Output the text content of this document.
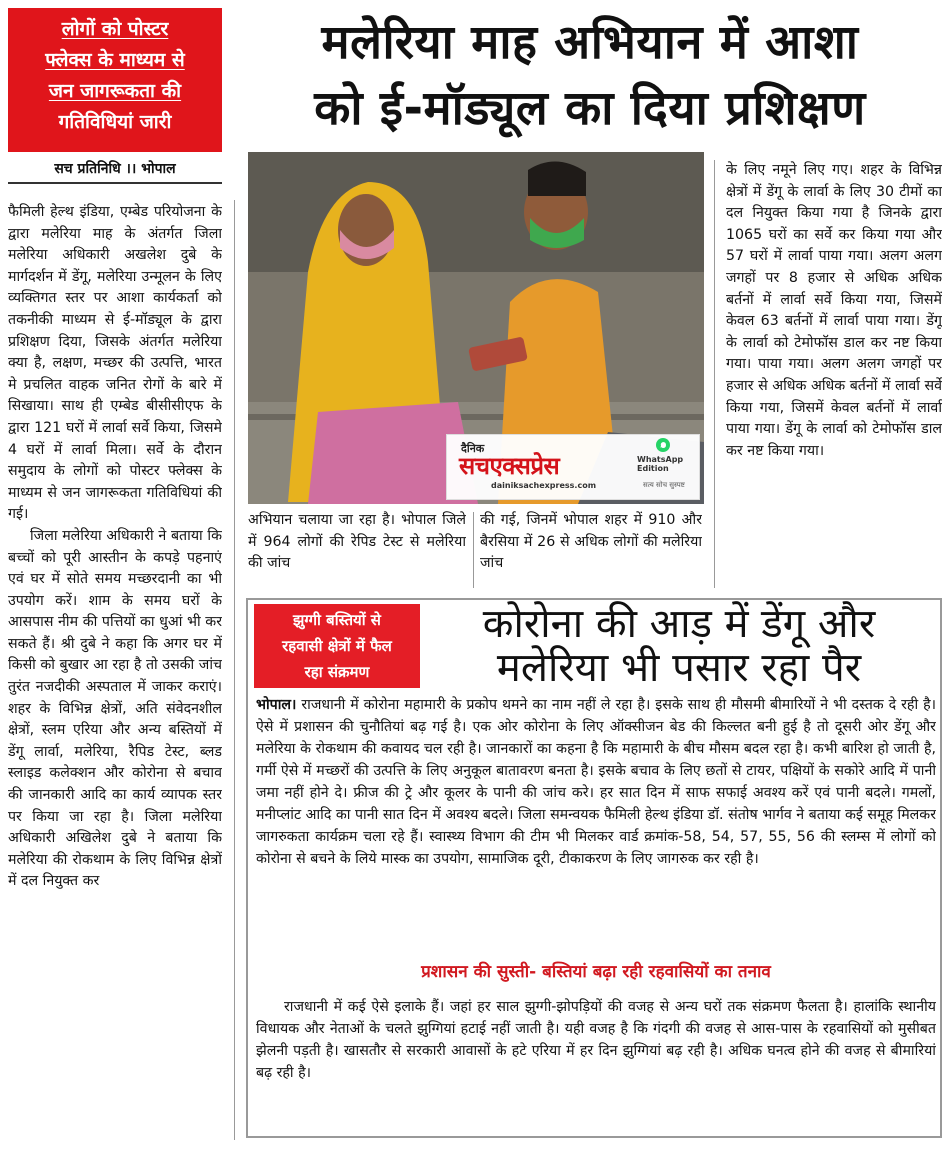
लोगों को पोस्टर
फ्लेक्स के माध्यम से
जन जागरूकता की
गतिविधियां जारी
सच प्रतिनिधि ।। भोपाल
मलेरिया माह अभियान में आशा
को ई-मॉड्यूल का दिया प्रशिक्षण

फैमिली हेल्थ इंडिया, एम्बेड परियोजना के द्वारा मलेरिया माह के अंतर्गत जिला मलेरिया अधिकारी अखलेश दुबे के मार्गदर्शन में डेंगू, मलेरिया उन्मूलन के लिए व्यक्तिगत स्तर पर आशा कार्यकर्ता को तकनीकी माध्यम से ई-मॉड्यूल के द्वारा प्रशिक्षण दिया, जिसके अंतर्गत मलेरिया क्या है, लक्षण, मच्छर की उत्पत्ति, भारत मे प्रचलित वाहक जनित रोगों के बारे में सिखाया। साथ ही एम्बेड बीसीसीएफ के द्वारा 121 घरों में लार्वा सर्वे किया, जिसमे 4 घरों में लार्वा मिला। सर्वे के दौरान समुदाय के लोगों को पोस्टर फ्लेक्स के माध्यम से जन जागरूकता गतिविधियां की गई।

जिला मलेरिया अधिकारी ने बताया कि बच्चों को पूरी आस्तीन के कपड़े पहनाएं एवं घर में सोते समय मच्छरदानी का भी उपयोग करें। शाम के समय घरों के आसपास नीम की पत्तियों का धुआं भी कर सकते हैं। श्री दुबे ने कहा कि अगर घर में किसी को बुखार आ रहा है तो उसकी जांच तुरंत नजदीकी अस्पताल में जाकर कराएं। शहर के विभिन्न क्षेत्रों, अति संवेदनशील क्षेत्रों, स्लम एरिया और अन्य बस्तियों में डेंगू लार्वा, मलेरिया, रैपिड टेस्ट, ब्लड स्लाइड कलेक्शन और कोरोना से बचाव की जानकारी आदि का कार्य व्यापक स्तर पर किया जा रहा है। जिला मलेरिया अधिकारी अखिलेश दुबे ने बताया कि मलेरिया की रोकथाम के लिए विभिन्न क्षेत्रों में दल नियुक्त कर

दैनिक
सचएक्सप्रेस
dainiksachexpress.com
WhatsApp Edition
सत्य सोच सुस्पष्ट
अभियान चलाया जा रहा है। भोपाल जिले में 964 लोगों की रेपिड टेस्ट से मलेरिया की जांच
की गई, जिनमें भोपाल शहर में 910 और बैरसिया में 26 से अधिक लोगों की मलेरिया जांच
के लिए नमूने लिए गए। शहर के विभिन्न क्षेत्रों में डेंगू के लार्वा के लिए 30 टीमों का दल नियुक्त किया गया है जिनके द्वारा 1065 घरों का सर्वे कर किया गया और 57 घरों में लार्वा पाया गया। अलग अलग जगहों पर 8 हजार से अधिक अधिक बर्तनों में लार्वा सर्वे किया गया, जिसमें केवल 63 बर्तनों में लार्वा पाया गया। डेंगू के लार्वा को टेमोफॉस डाल कर नष्ट किया गया। पाया गया। अलग अलग जगहों पर हजार से अधिक अधिक बर्तनों में लार्वा सर्वे किया गया, जिसमें केवल बर्तनों में लार्वा पाया गया। डेंगू के लार्वा को टेमोफॉस डाल कर नष्ट किया गया।
झुग्गी बस्तियों से
रहवासी क्षेत्रों में फैल
रहा संक्रमण
कोरोना की आड़ में डेंगू और
मलेरिया भी पसार रहा पैर
भोपाल। राजधानी में कोरोना महामारी के प्रकोप थमने का नाम नहीं ले रहा है। इसके साथ ही मौसमी बीमारियों ने भी दस्तक दे रही है। ऐसे में प्रशासन की चुनौतियां बढ़ गई है। एक ओर कोरोना के लिए ऑक्सीजन बेड की किल्लत बनी हुई है तो दूसरी ओर डेंगू और मलेरिया के रोकथाम की कवायद चल रही है। जानकारों का कहना है कि महामारी के बीच मौसम बदल रहा है। कभी बारिश हो जाती है, गर्मी ऐसे में मच्छरों की उत्पत्ति के लिए अनुकूल बातावरण बनता है। इसके बचाव के लिए छतों से टायर, पक्षियों के सकोरे आदि में पानी जमा नहीं होने दे। फ्रीज की ट्रे और कूलर के पानी की जांच करे। हर सात दिन में साफ सफाई अवश्य करें एवं पानी बदले। गमलों, मनीप्लांट आदि का पानी सात दिन में अवश्य बदले। जिला समन्वयक फैमिली हेल्थ इंडिया डॉ. संतोष भार्गव ने बताया कई समूह मिलकर जागरुकता कार्यक्रम चला रहे हैं। स्वास्थ्य विभाग की टीम भी मिलकर वार्ड क्रमांक-58, 54, 57, 55, 56 की स्लम्स में लोगों को कोरोना से बचने के लिये मास्क का उपयोग, सामाजिक दूरी, टीकाकरण के लिए जागरुक कर रही है।
प्रशासन की सुस्ती- बस्तियां बढ़ा रही रहवासियों का तनाव
राजधानी में कई ऐसे इलाके हैं। जहां हर साल झुग्गी-झोपड़ियों की वजह से अन्य घरों तक संक्रमण फैलता है। हालांकि स्थानीय विधायक और नेताओं के चलते झुग्गियां हटाई नहीं जाती है। यही वजह है कि गंदगी की वजह से आस-पास के रहवासियों को मुसीबत झेलनी पड़ती है। खासतौर से सरकारी आवासों के हटे एरिया में हर दिन झुग्गियां बढ़ रही है। अधिक घनत्व होने की वजह से बीमारियां बढ़ रही है।
